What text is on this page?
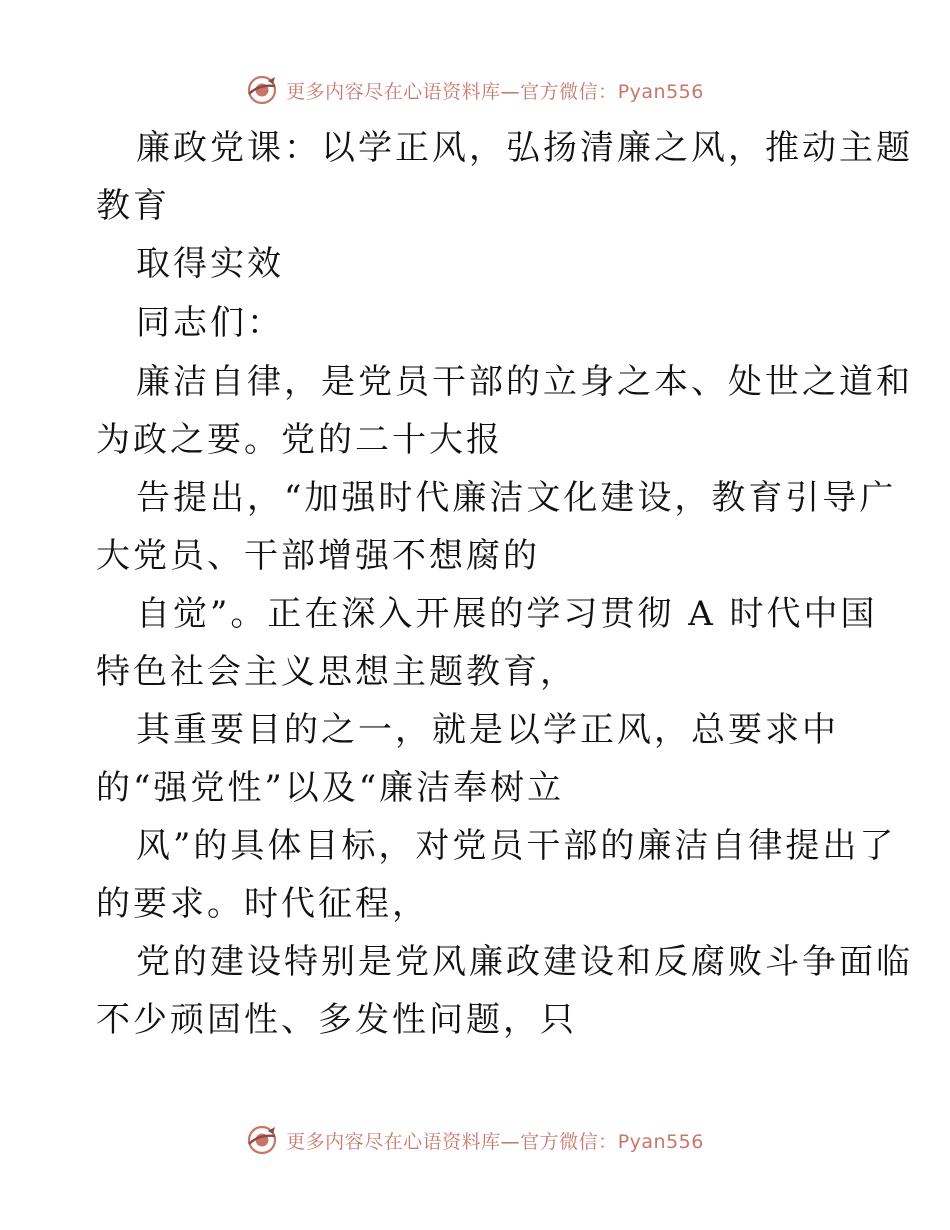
更多内容尽在心语资料库—官方微信：Pyan556
廉政党课：以学正风，弘扬清廉之风，推动主题
教育
取得实效
同志们：
廉洁自律，是党员干部的立身之本、处世之道和
为政之要。党的二十大报
告提出，“加强时代廉洁文化建设，教育引导广
大党员、干部增强不想腐的
自觉”。正在深入开展的学习贯彻 A 时代中国
特色社会主义思想主题教育，
其重要目的之一，就是以学正风，总要求中
的“强党性”以及“廉洁奉树立
风”的具体目标，对党员干部的廉洁自律提出了
的要求。时代征程，
党的建设特别是党风廉政建设和反腐败斗争面临
不少顽固性、多发性问题，只
更多内容尽在心语资料库—官方微信：Pyan556
